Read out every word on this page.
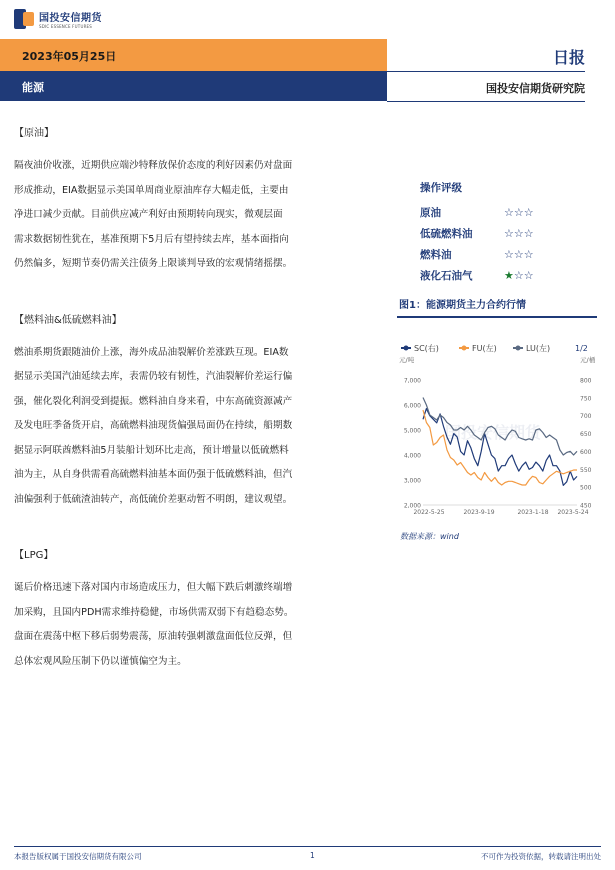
国投安信期货
SDIC ESSENCE FUTURES
2023年05月25日	日报
能源	国投安信期货研究院
【原油】
隔夜油价收涨，近期供应端沙特释放保价态度的利好因素仍对盘面
形成推动，EIA数据显示美国单周商业原油库存大幅走低，主要由
净进口减少贡献。目前供应减产利好由预期转向现实，微观层面
需求数据韧性犹在，基准预期下5月后有望持续去库，基本面指向
仍然偏多，短期节奏仍需关注债务上限谈判导致的宏观情绪摇摆。
【燃料油&低硫燃料油】
燃油系期货跟随油价上涨，海外成品油裂解价差涨跌互现。EIA数
据显示美国汽油延续去库，表需仍较有韧性，汽油裂解价差运行偏
强，催化裂化利润受到提振。燃料油自身来看，中东高硫资源减产
及发电旺季备货开启，高硫燃料油现货偏强局面仍在持续，船期数
据显示阿联酋燃料油5月装船计划环比走高，预计增量以低硫燃料
油为主，从自身供需看高硫燃料油基本面仍强于低硫燃料油，但汽
油偏强利于低硫渣油转产，高低硫价差驱动暂不明朗，建议观望。
【LPG】
诞后价格迅速下落对国内市场造成压力，但大幅下跌后刺激终端增
加采购，且国内PDH需求维持稳健，市场供需双弱下有趋稳态势。
盘面在震荡中枢下移后弱势震荡，原油转强刺激盘面低位反弹，但
总体宏观风险压制下仍以谨慎偏空为主。
操作评级
原油	☆☆☆
低硫燃料油	☆☆☆
燃料油	☆☆☆
液化石油气	★☆☆
图1：能源期货主力合约行情
SC(右)	FU(左)	LU(左)	1/2
元/吨	元/桶
国投安信期货
7,000
6,000
5,000
4,000
3,000
2,000
800
750
700
650
600
550
500
450
2022-5-25	2023-9-19	2023-1-18 2023-5-24
数据来源：wind
本报告版权属于国投安信期货有限公司	1	不可作为投资依据，转载请注明出处
